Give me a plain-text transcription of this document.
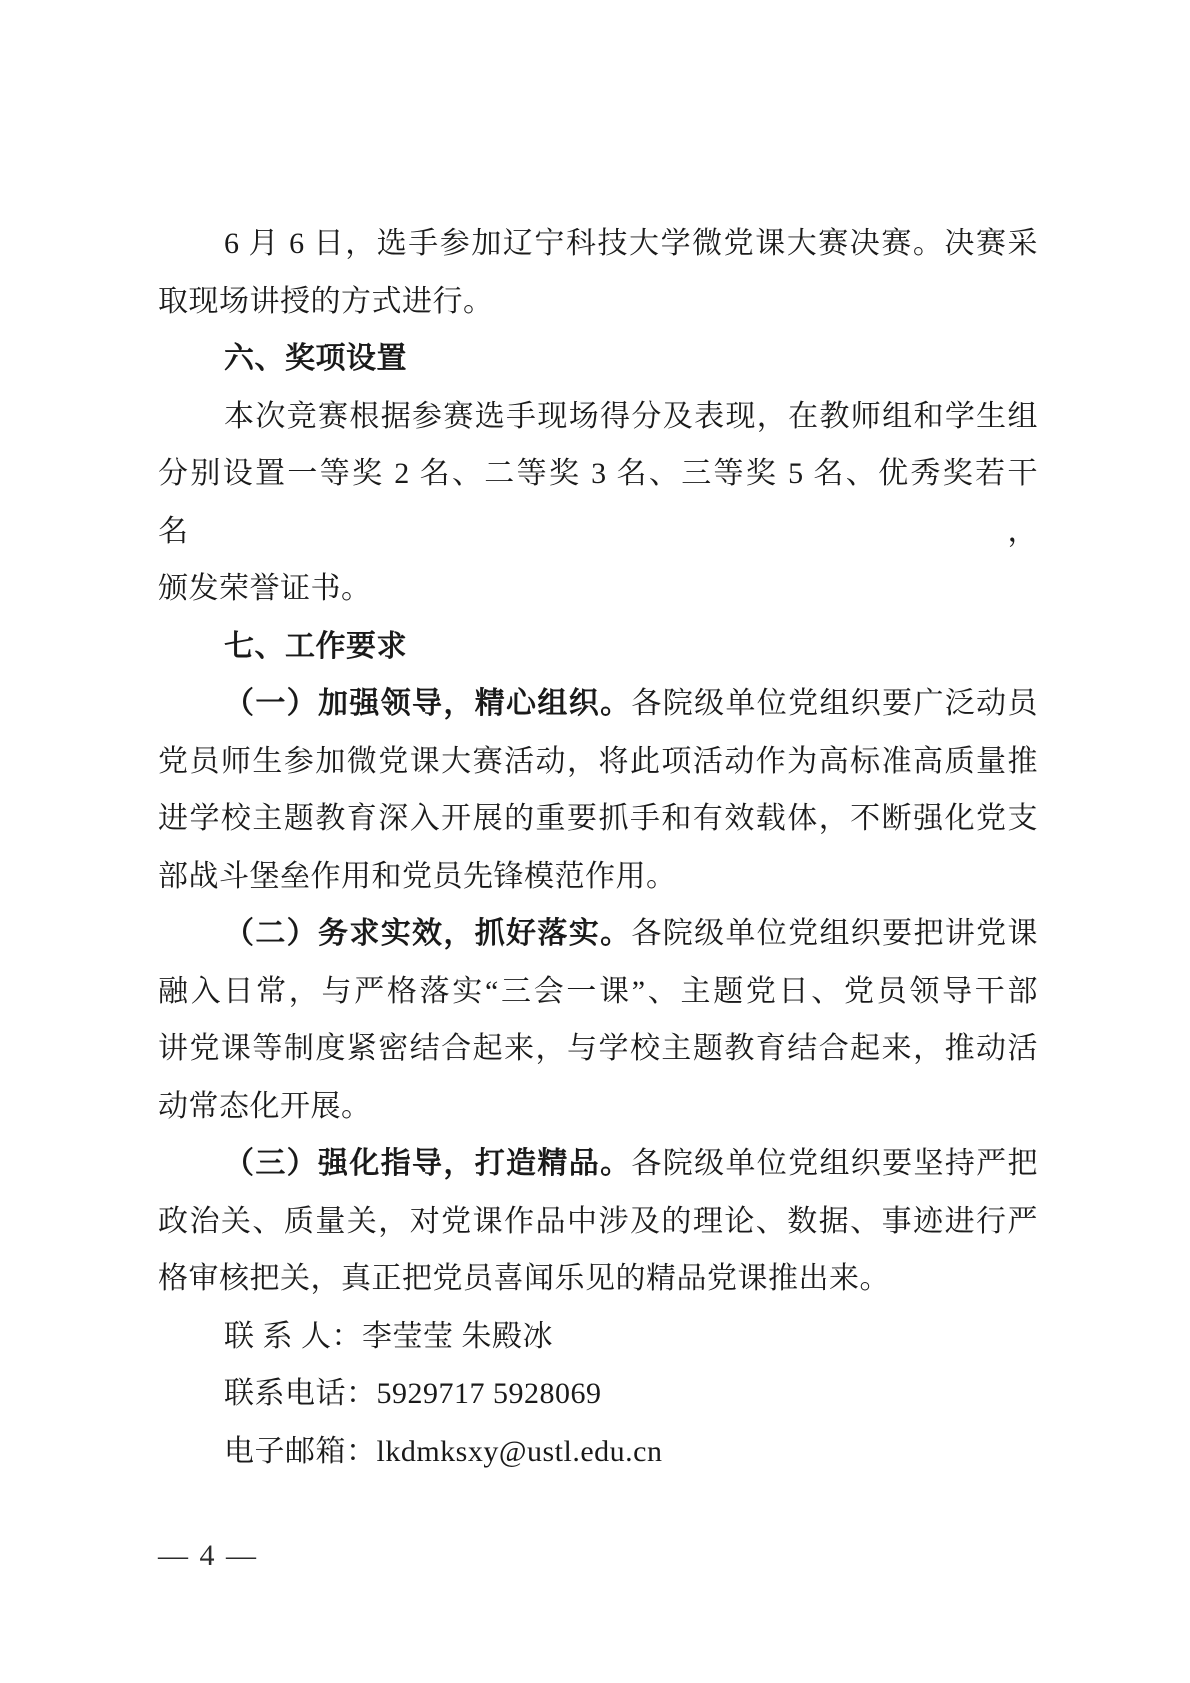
6 月 6 日，选手参加辽宁科技大学微党课大赛决赛。决赛采
取现场讲授的方式进行。
六、奖项设置
本次竞赛根据参赛选手现场得分及表现，在教师组和学生组
分别设置一等奖 2 名、二等奖 3 名、三等奖 5 名、优秀奖若干名，
颁发荣誉证书。
七、工作要求
（一）加强领导，精心组织。各院级单位党组织要广泛动员
党员师生参加微党课大赛活动，将此项活动作为高标准高质量推
进学校主题教育深入开展的重要抓手和有效载体，不断强化党支
部战斗堡垒作用和党员先锋模范作用。
（二）务求实效，抓好落实。各院级单位党组织要把讲党课
融入日常，与严格落实“三会一课”、主题党日、党员领导干部
讲党课等制度紧密结合起来，与学校主题教育结合起来，推动活
动常态化开展。
（三）强化指导，打造精品。各院级单位党组织要坚持严把
政治关、质量关，对党课作品中涉及的理论、数据、事迹进行严
格审核把关，真正把党员喜闻乐见的精品党课推出来。
联 系 人：李莹莹 朱殿冰
联系电话：5929717 5928069
电子邮箱：lkdmksxy@ustl.edu.cn
— 4 —
